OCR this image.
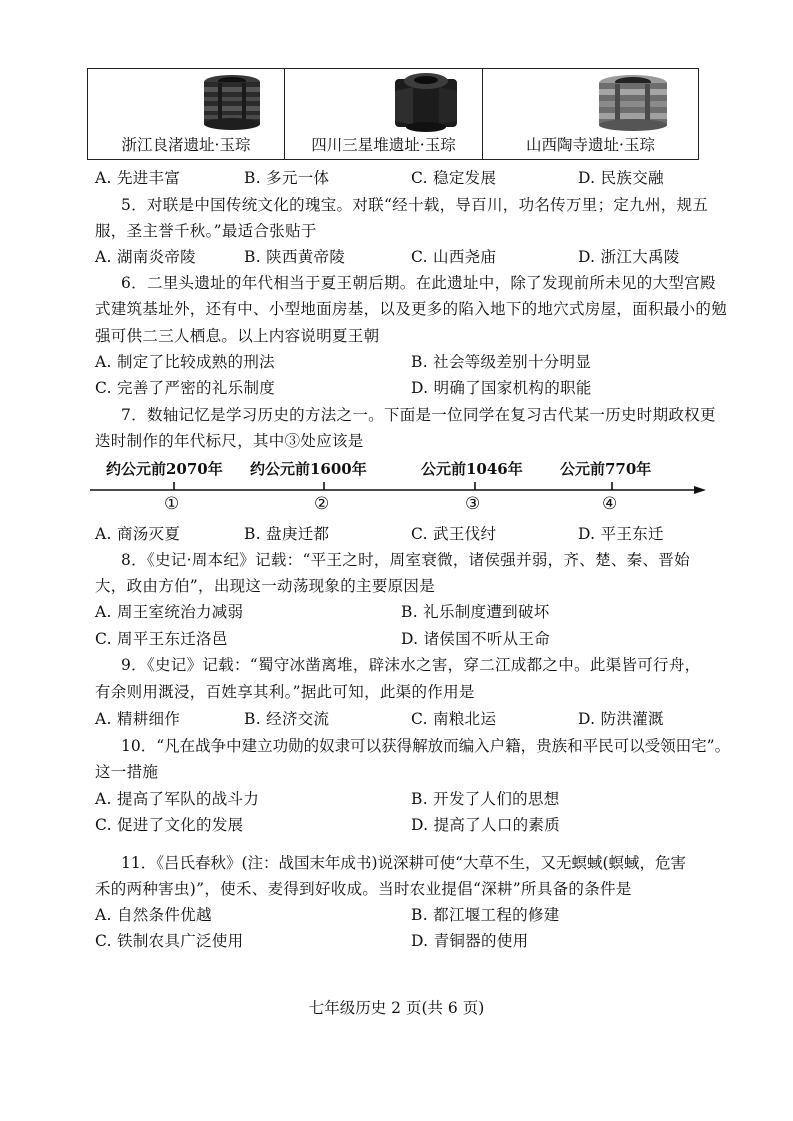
浙江良渚遗址·玉琮	四川三星堆遗址·玉琮	山西陶寺遗址·玉琮
A. 先进丰富	B. 多元一体	C. 稳定发展	D. 民族交融
5．对联是中国传统文化的瑰宝。对联“经十载，导百川，功名传万里；定九州，规五
服，圣主誉千秋。”最适合张贴于
A. 湖南炎帝陵	B. 陕西黄帝陵	C. 山西尧庙	D. 浙江大禹陵
6．二里头遗址的年代相当于夏王朝后期。在此遗址中，除了发现前所未见的大型宫殿
式建筑基址外，还有中、小型地面房基，以及更多的陷入地下的地穴式房屋，面积最小的勉
强可供二三人栖息。以上内容说明夏王朝
A. 制定了比较成熟的刑法	B. 社会等级差别十分明显
C. 完善了严密的礼乐制度	D. 明确了国家机构的职能
7．数轴记忆是学习历史的方法之一。下面是一位同学在复习古代某一历史时期政权更
迭时制作的年代标尺，其中③处应该是
约公元前2070年 约公元前1600年	公元前1046年 公元前770年
①	②	③	④
A. 商汤灭夏	B. 盘庚迁都	C. 武王伐纣	D. 平王东迁
8．《史记·周本纪》记载：“平王之时，周室衰微，诸侯强并弱，齐、楚、秦、晋始
大，政由方伯”，出现这一动荡现象的主要原因是
A. 周王室统治力减弱	B. 礼乐制度遭到破坏
C. 周平王东迁洛邑	D. 诸侯国不听从王命
9．《史记》记载：“蜀守冰凿离堆，辟沫水之害，穿二江成都之中。此渠皆可行舟，
有余则用溉浸，百姓享其利。”据此可知，此渠的作用是
A. 精耕细作	B. 经济交流	C. 南粮北运	D. 防洪灌溉
10．“凡在战争中建立功勋的奴隶可以获得解放而编入户籍，贵族和平民可以受领田宅”。
这一措施
A. 提高了军队的战斗力	B. 开发了人们的思想
C. 促进了文化的发展	D. 提高了人口的素质
11．《吕氏春秋》(注：战国末年成书)说深耕可使“大草不生，又无螟蜮(螟蜮，危害
禾的两种害虫)”，使禾、麦得到好收成。当时农业提倡“深耕”所具备的条件是
A. 自然条件优越	B. 都江堰工程的修建
C. 铁制农具广泛使用	D. 青铜器的使用
七年级历史 2 页(共 6 页)
